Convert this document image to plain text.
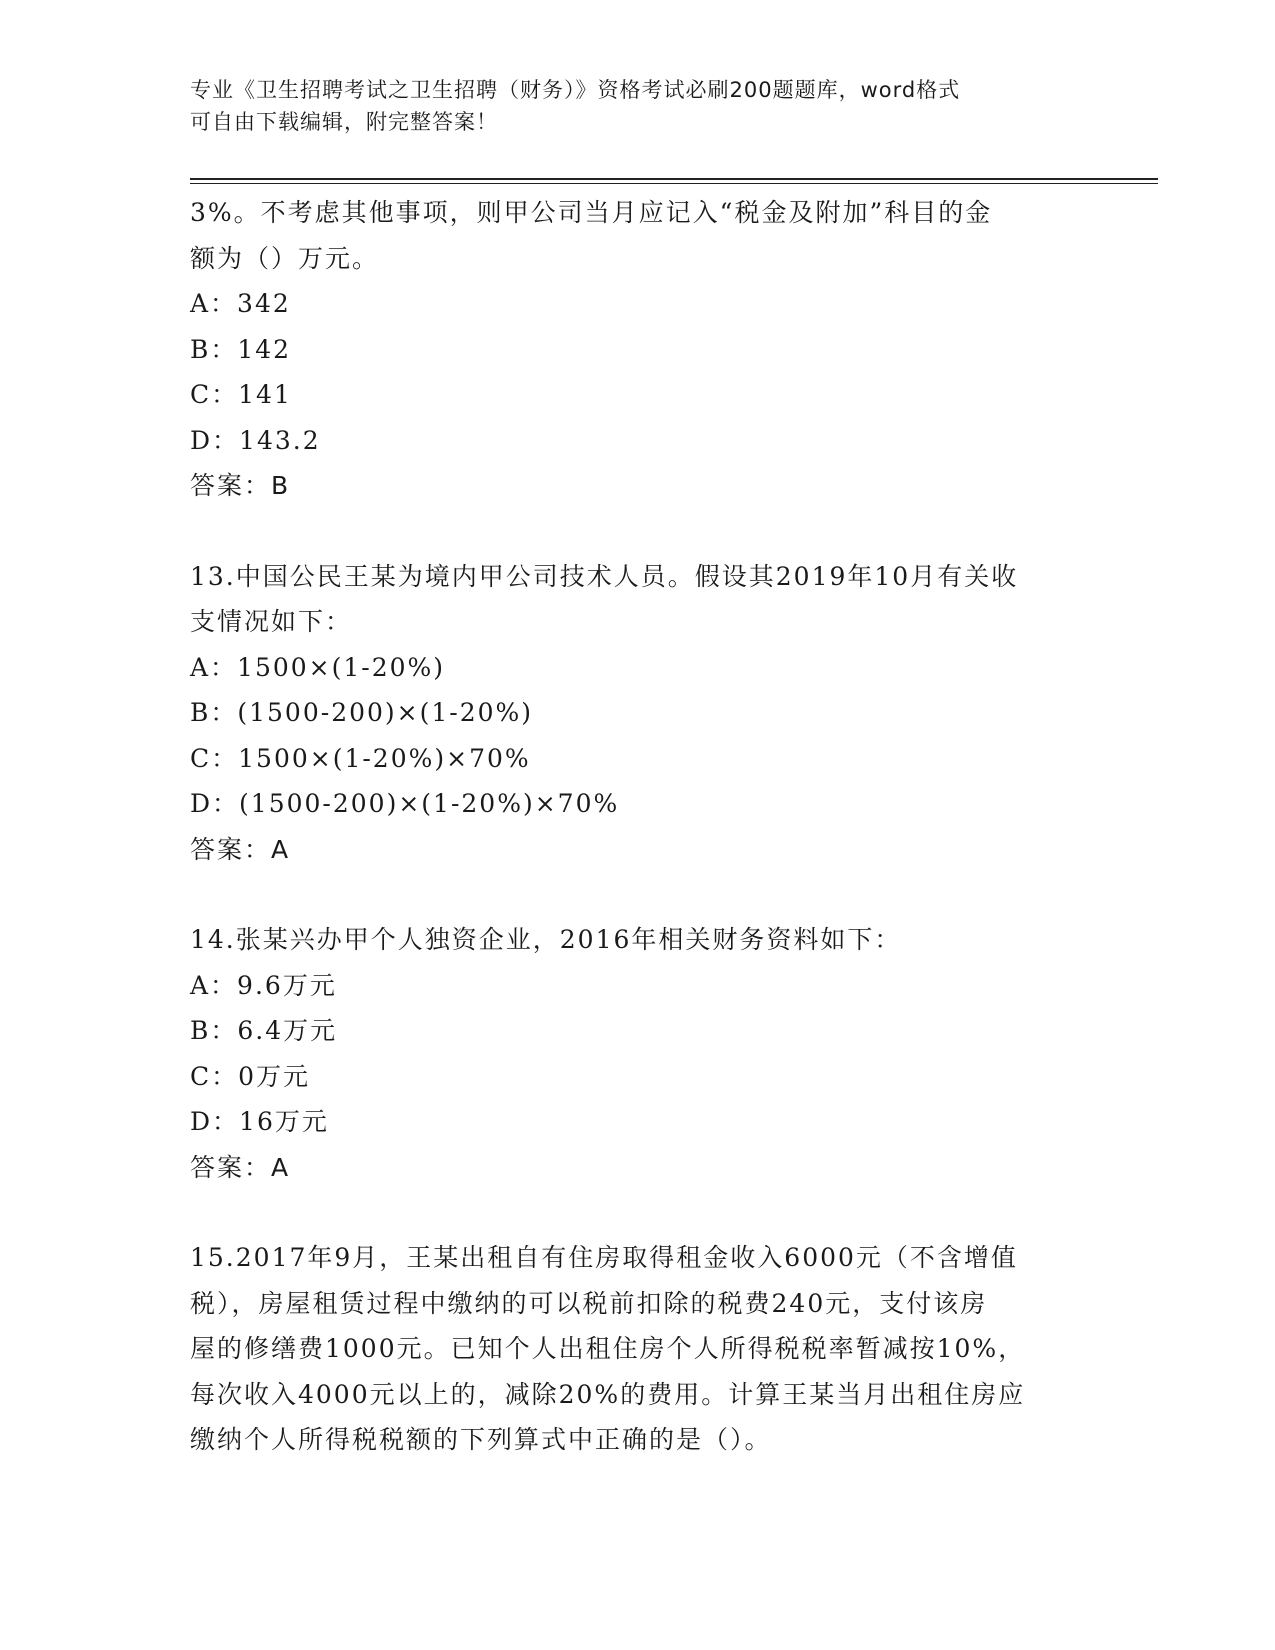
专业《卫生招聘考试之卫生招聘（财务）》资格考试必刷200题题库，word格式
可自由下载编辑，附完整答案！
3%。不考虑其他事项，则甲公司当月应记入“税金及附加”科目的金
额为（）万元。
A：342
B：142
C：141
D：143.2
答案：B
13.中国公民王某为境内甲公司技术人员。假设其2019年10月有关收
支情况如下：
A：1500×(1-20%)
B：(1500-200)×(1-20%)
C：1500×(1-20%)×70%
D：(1500-200)×(1-20%)×70%
答案：A
14.张某兴办甲个人独资企业，2016年相关财务资料如下：
A：9.6万元
B：6.4万元
C：0万元
D：16万元
答案：A
15.2017年9月，王某出租自有住房取得租金收入6000元（不含增值
税），房屋租赁过程中缴纳的可以税前扣除的税费240元，支付该房
屋的修缮费1000元。已知个人出租住房个人所得税税率暂减按10%，
每次收入4000元以上的，减除20%的费用。计算王某当月出租住房应
缴纳个人所得税税额的下列算式中正确的是（）。
